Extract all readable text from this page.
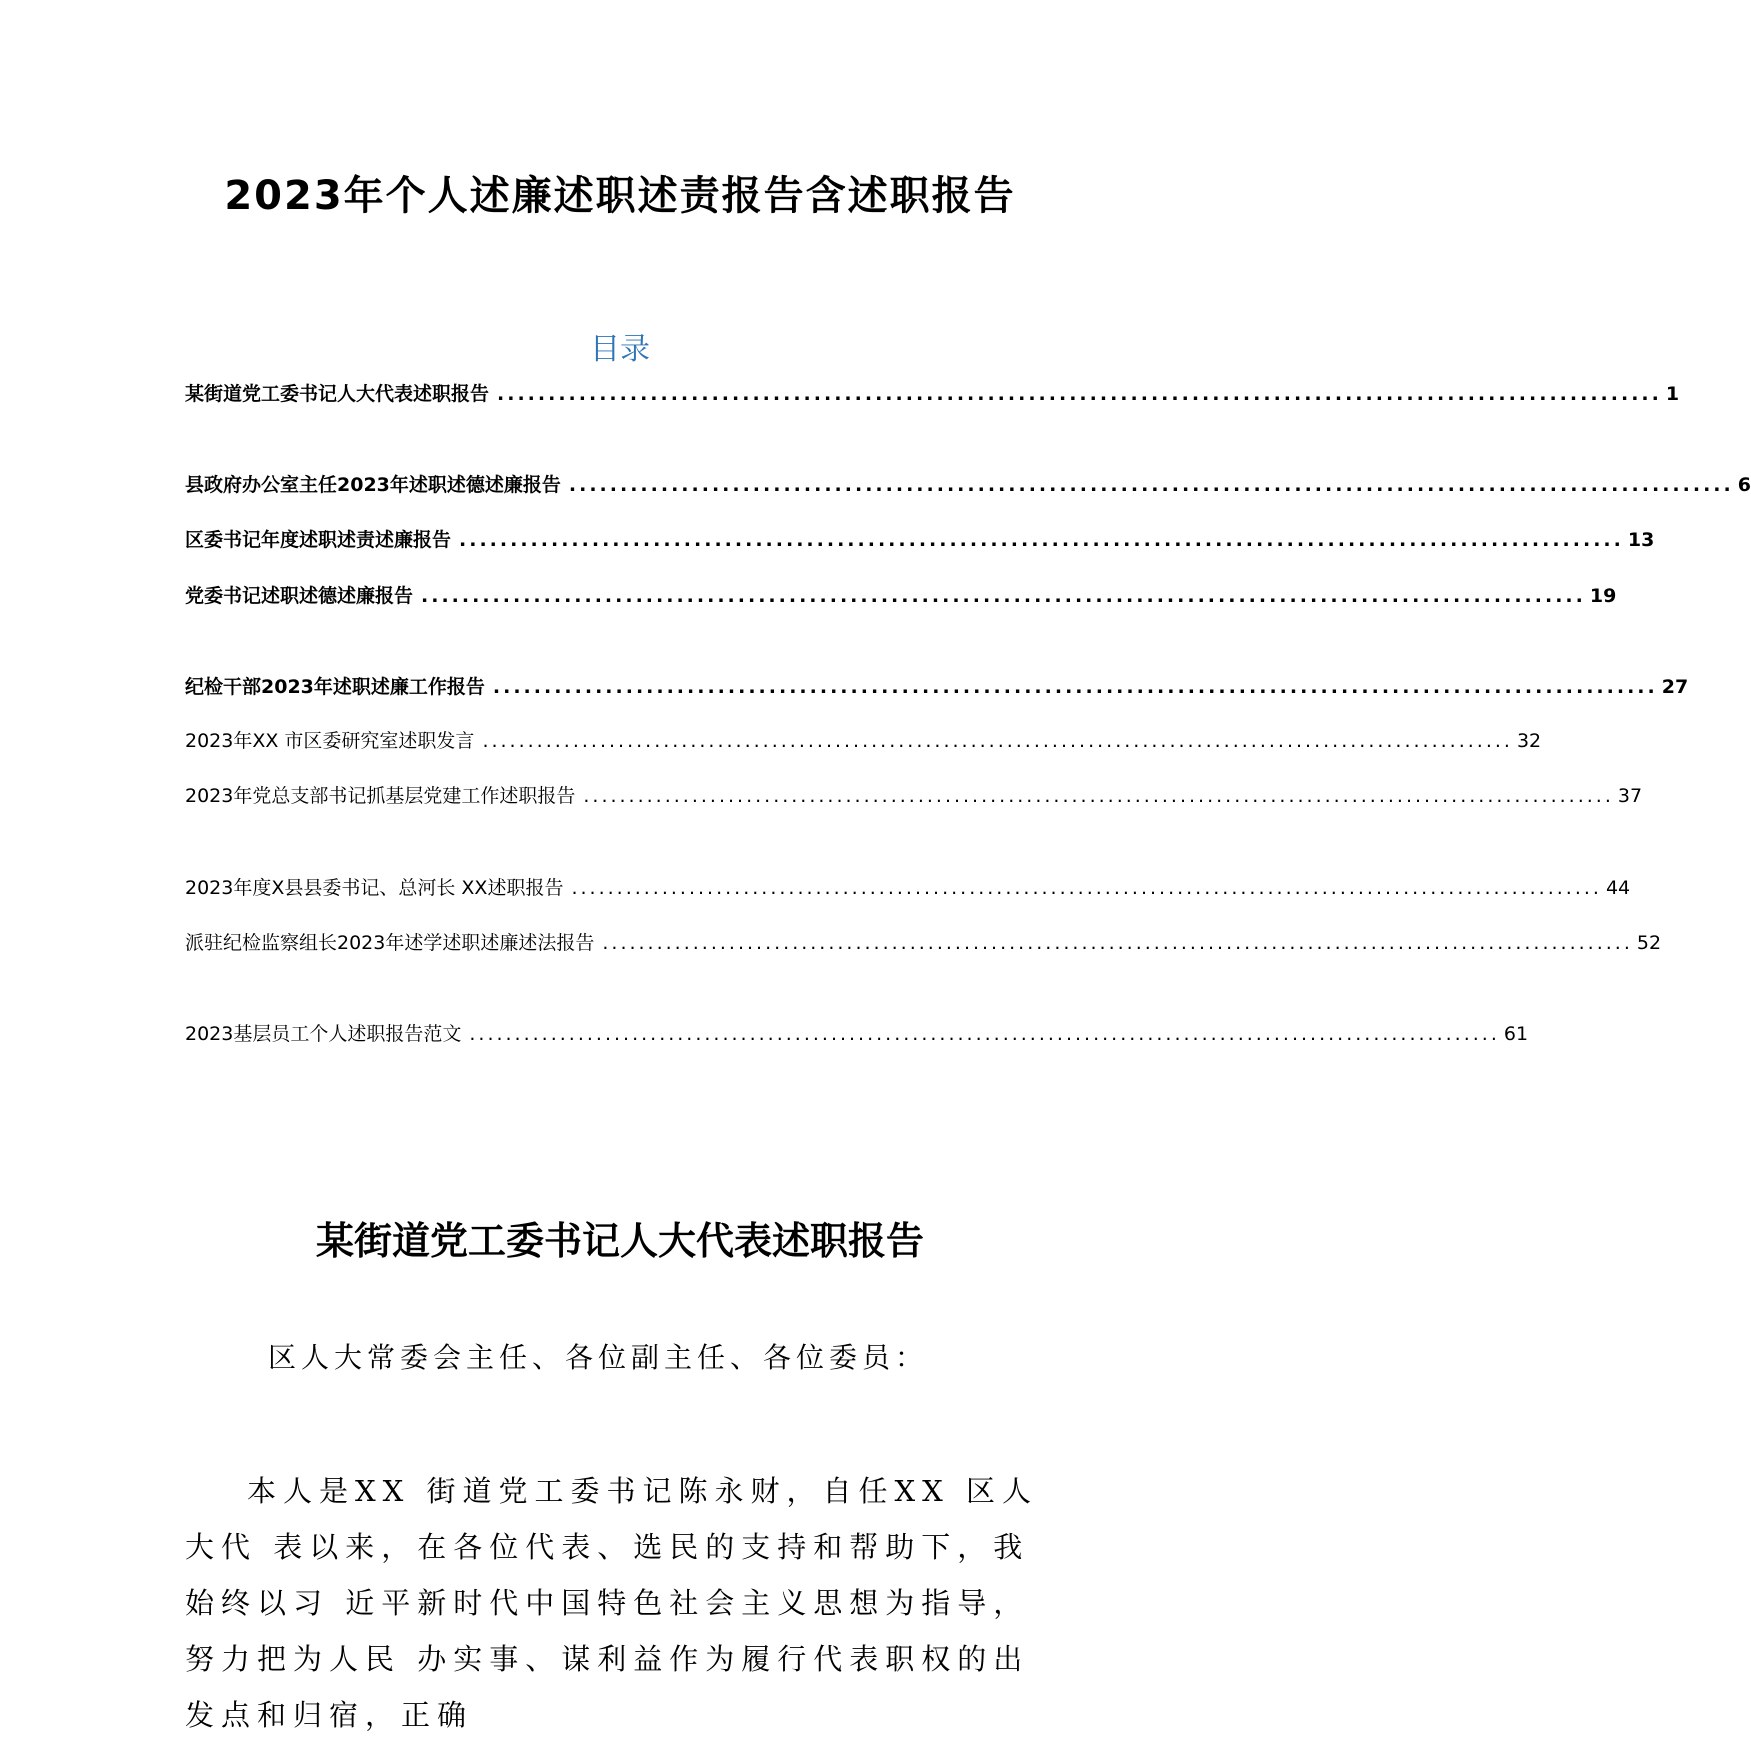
2023年个人述廉述职述责报告含述职报告
目录
某街道党工委书记人大代表述职报告 .................................................................................................................. 1
县政府办公室主任2023年述职述德述廉报告 .................................................................................................................. 6
区委书记年度述职述责述廉报告 .................................................................................................................. 13
党委书记述职述德述廉报告 .................................................................................................................. 19
纪检干部2023年述职述廉工作报告 .................................................................................................................. 27
2023年XX 市区委研究室述职发言 .................................................................................................................. 32
2023年党总支部书记抓基层党建工作述职报告 .................................................................................................................. 37
2023年度X县县委书记、总河长 XX述职报告 .................................................................................................................. 44
派驻纪检监察组长2023年述学述职述廉述法报告 .................................................................................................................. 52
2023基层员工个人述职报告范文 .................................................................................................................. 61
某街道党工委书记人大代表述职报告
区人大常委会主任、各位副主任、各位委员：

本人是XX 街道党工委书记陈永财，自任XX 区人大代 表以来，在各位代表、选民的支持和帮助下，我始终以习 近平新时代中国特色社会主义思想为指导，努力把为人民 办实事、谋利益作为履行代表职权的出发点和归宿，正确
